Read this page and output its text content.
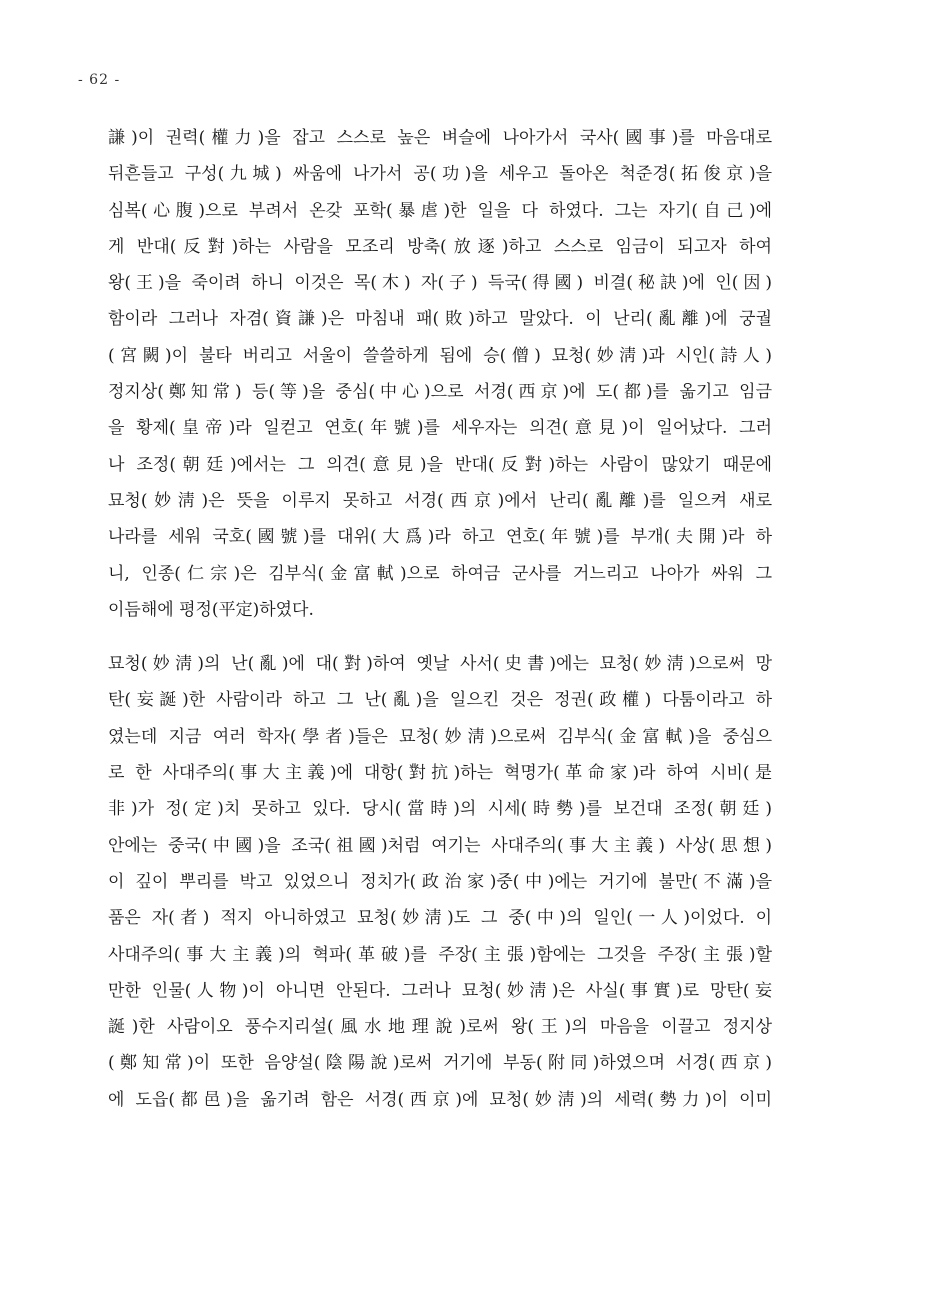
- 62 -

謙)이 권력(權力)을 잡고 스스로 높은 벼슬에 나아가서 국사(國事)를 마음대로
뒤흔들고 구성(九城) 싸움에 나가서 공(功)을 세우고 돌아온 척준경(拓俊京)을
심복(心腹)으로 부려서 온갖 포학(暴虐)한 일을 다 하였다. 그는 자기(自己)에
게 반대(反對)하는 사람을 모조리 방축(放逐)하고 스스로 임금이 되고자 하여
왕(王)을 죽이려 하니 이것은 목(木) 자(子) 득국(得國) 비결(秘訣)에 인(因)
함이라 그러나 자겸(資謙)은 마침내 패(敗)하고 말았다. 이 난리(亂離)에 궁궐
(宮闕)이 불타 버리고 서울이 쓸쓸하게 됨에 승(僧) 묘청(妙淸)과 시인(詩人)
정지상(鄭知常) 등(等)을 중심(中心)으로 서경(西京)에 도(都)를 옮기고 임금
을 황제(皇帝)라 일컫고 연호(年號)를 세우자는 의견(意見)이 일어났다. 그러
나 조정(朝廷)에서는 그 의견(意見)을 반대(反對)하는 사람이 많았기 때문에
묘청(妙淸)은 뜻을 이루지 못하고 서경(西京)에서 난리(亂離)를 일으켜 새로
나라를 세워 국호(國號)를 대위(大爲)라 하고 연호(年號)를 부개(夫開)라 하
니, 인종(仁宗)은 김부식(金富軾)으로 하여금 군사를 거느리고 나아가 싸워 그
이듬해에 평정(平定)하였다.

묘청(妙淸)의 난(亂)에 대(對)하여 옛날 사서(史書)에는 묘청(妙淸)으로써 망
탄(妄誕)한 사람이라 하고 그 난(亂)을 일으킨 것은 정권(政權) 다툼이라고 하
였는데 지금 여러 학자(學者)들은 묘청(妙淸)으로써 김부식(金富軾)을 중심으
로 한 사대주의(事大主義)에 대항(對抗)하는 혁명가(革命家)라 하여 시비(是
非)가 정(定)치 못하고 있다. 당시(當時)의 시세(時勢)를 보건대 조정(朝廷)
안에는 중국(中國)을 조국(祖國)처럼 여기는 사대주의(事大主義) 사상(思想)
이 깊이 뿌리를 박고 있었으니 정치가(政治家)중(中)에는 거기에 불만(不滿)을
품은 자(者) 적지 아니하였고 묘청(妙淸)도 그 중(中)의 일인(一人)이었다. 이
사대주의(事大主義)의 혁파(革破)를 주장(主張)함에는 그것을 주장(主張)할
만한 인물(人物)이 아니면 안된다. 그러나 묘청(妙淸)은 사실(事實)로 망탄(妄
誕)한 사람이오 풍수지리설(風水地理說)로써 왕(王)의 마음을 이끌고 정지상
(鄭知常)이 또한 음양설(陰陽說)로써 거기에 부동(附同)하였으며 서경(西京)
에 도읍(都邑)을 옮기려 함은 서경(西京)에 묘청(妙淸)의 세력(勢力)이 이미
